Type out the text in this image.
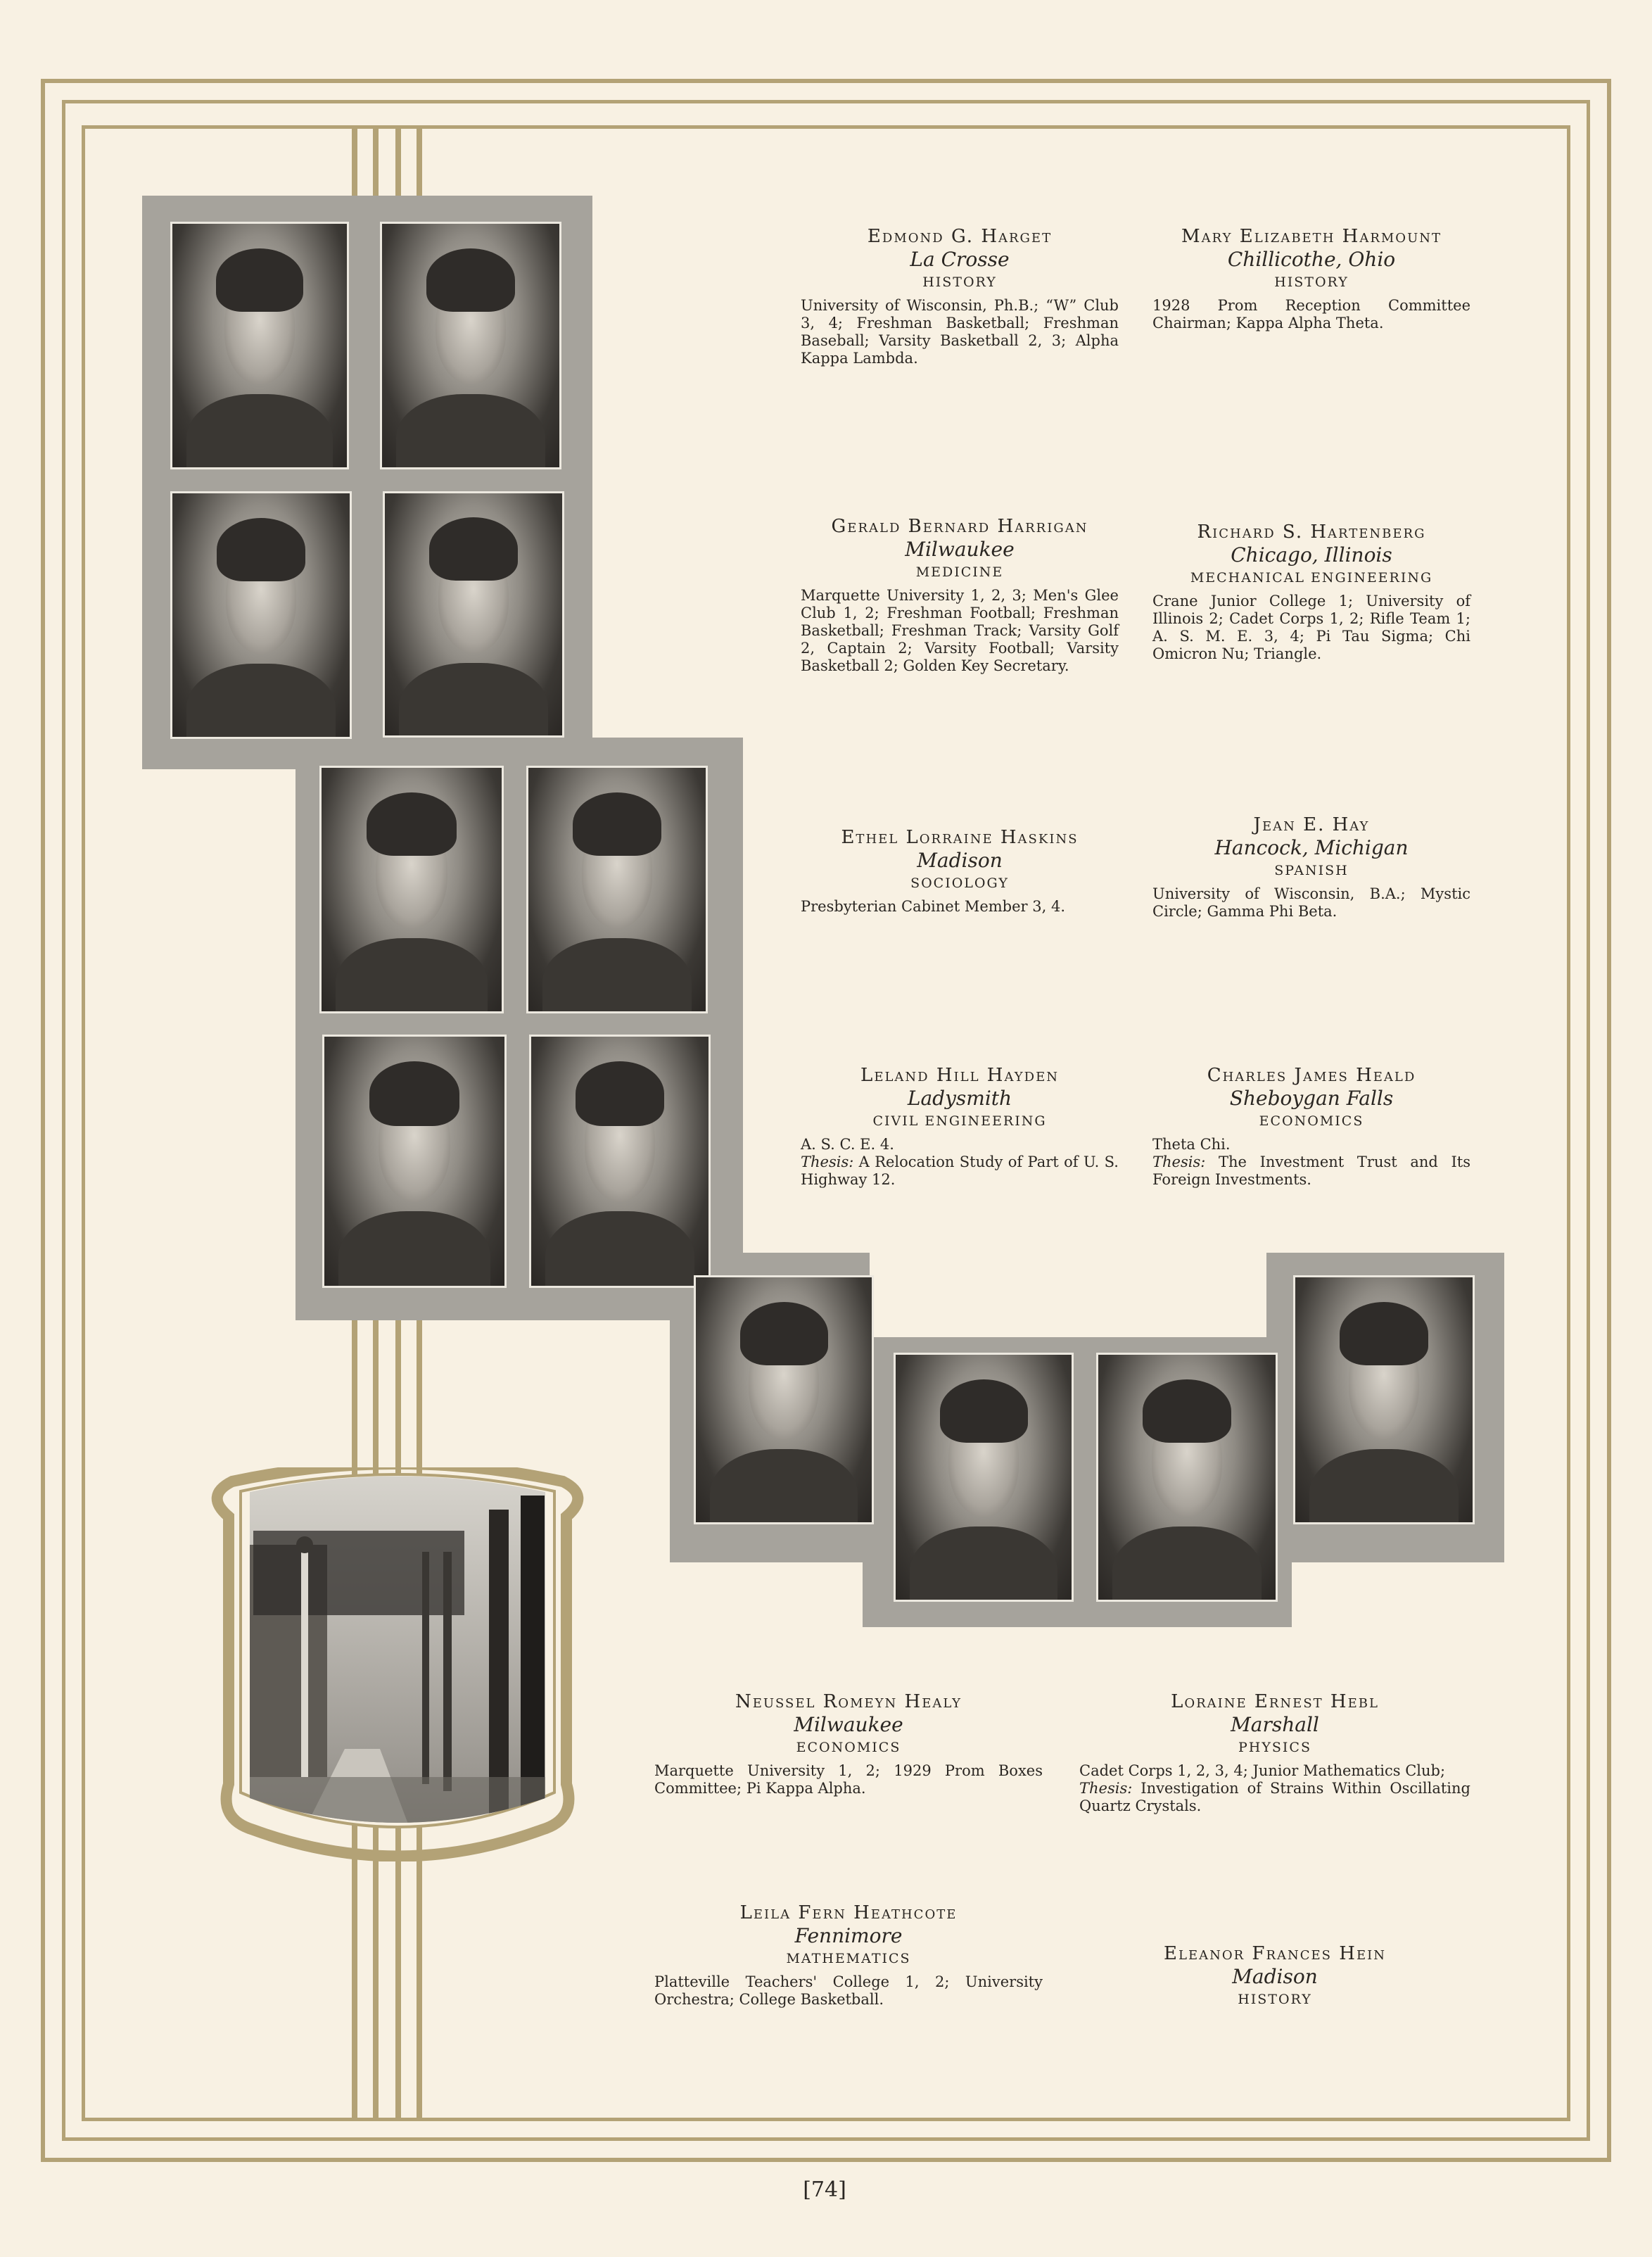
Edmond G. Harget
La Crosse
HISTORY
University of Wisconsin, Ph.B.; “W” Club 3, 4; Freshman Basketball; Freshman Baseball; Varsity Basketball 2, 3; Alpha Kappa Lambda.
Mary Elizabeth Harmount
Chillicothe, Ohio
HISTORY
1928 Prom Reception Committee Chairman; Kappa Alpha Theta.
Gerald Bernard Harrigan
Milwaukee
MEDICINE
Marquette University 1, 2, 3; Men's Glee Club 1, 2; Freshman Football; Freshman Basketball; Freshman Track; Varsity Golf 2, Captain 2; Varsity Football; Varsity Basketball 2; Golden Key Secretary.
Richard S. Hartenberg
Chicago, Illinois
MECHANICAL ENGINEERING
Crane Junior College 1; University of Illinois 2; Cadet Corps 1, 2; Rifle Team 1; A. S. M. E. 3, 4; Pi Tau Sigma; Chi Omicron Nu; Triangle.
Ethel Lorraine Haskins
Madison
SOCIOLOGY
Presbyterian Cabinet Member 3, 4.
Jean E. Hay
Hancock, Michigan
SPANISH
University of Wisconsin, B.A.; Mystic Circle; Gamma Phi Beta.
Leland Hill Hayden
Ladysmith
CIVIL ENGINEERING
A. S. C. E. 4.
Thesis: A Relocation Study of Part of U. S. Highway 12.
Charles James Heald
Sheboygan Falls
ECONOMICS
Theta Chi.
Thesis: The Investment Trust and Its Foreign Investments.
Neussel Romeyn Healy
Milwaukee
ECONOMICS
Marquette University 1, 2; 1929 Prom Boxes Committee; Pi Kappa Alpha.
Loraine Ernest Hebl
Marshall
PHYSICS
Cadet Corps 1, 2, 3, 4; Junior Mathematics Club;
Thesis: Investigation of Strains Within Oscillating Quartz Crystals.
Leila Fern Heathcote
Fennimore
MATHEMATICS
Platteville Teachers' College 1, 2; University Orchestra; College Basketball.
Eleanor Frances Hein
Madison
HISTORY
[74]
